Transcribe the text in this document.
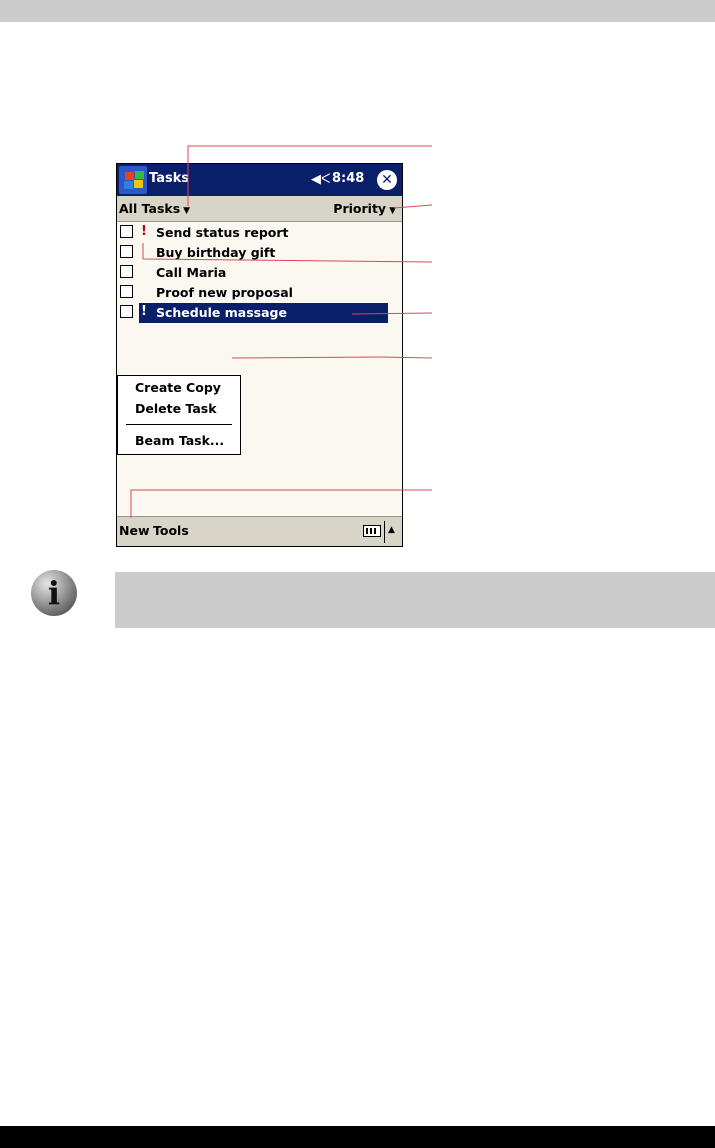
Tasks	◀ᐸ 8:48 ✕
All Tasks ▼	Priority ▼
! Send status report
Buy birthday gift
Call Maria
Proof new proposal
! Schedule massage
Create Copy
Delete Task
Beam Task...
New Tools	▲
i
